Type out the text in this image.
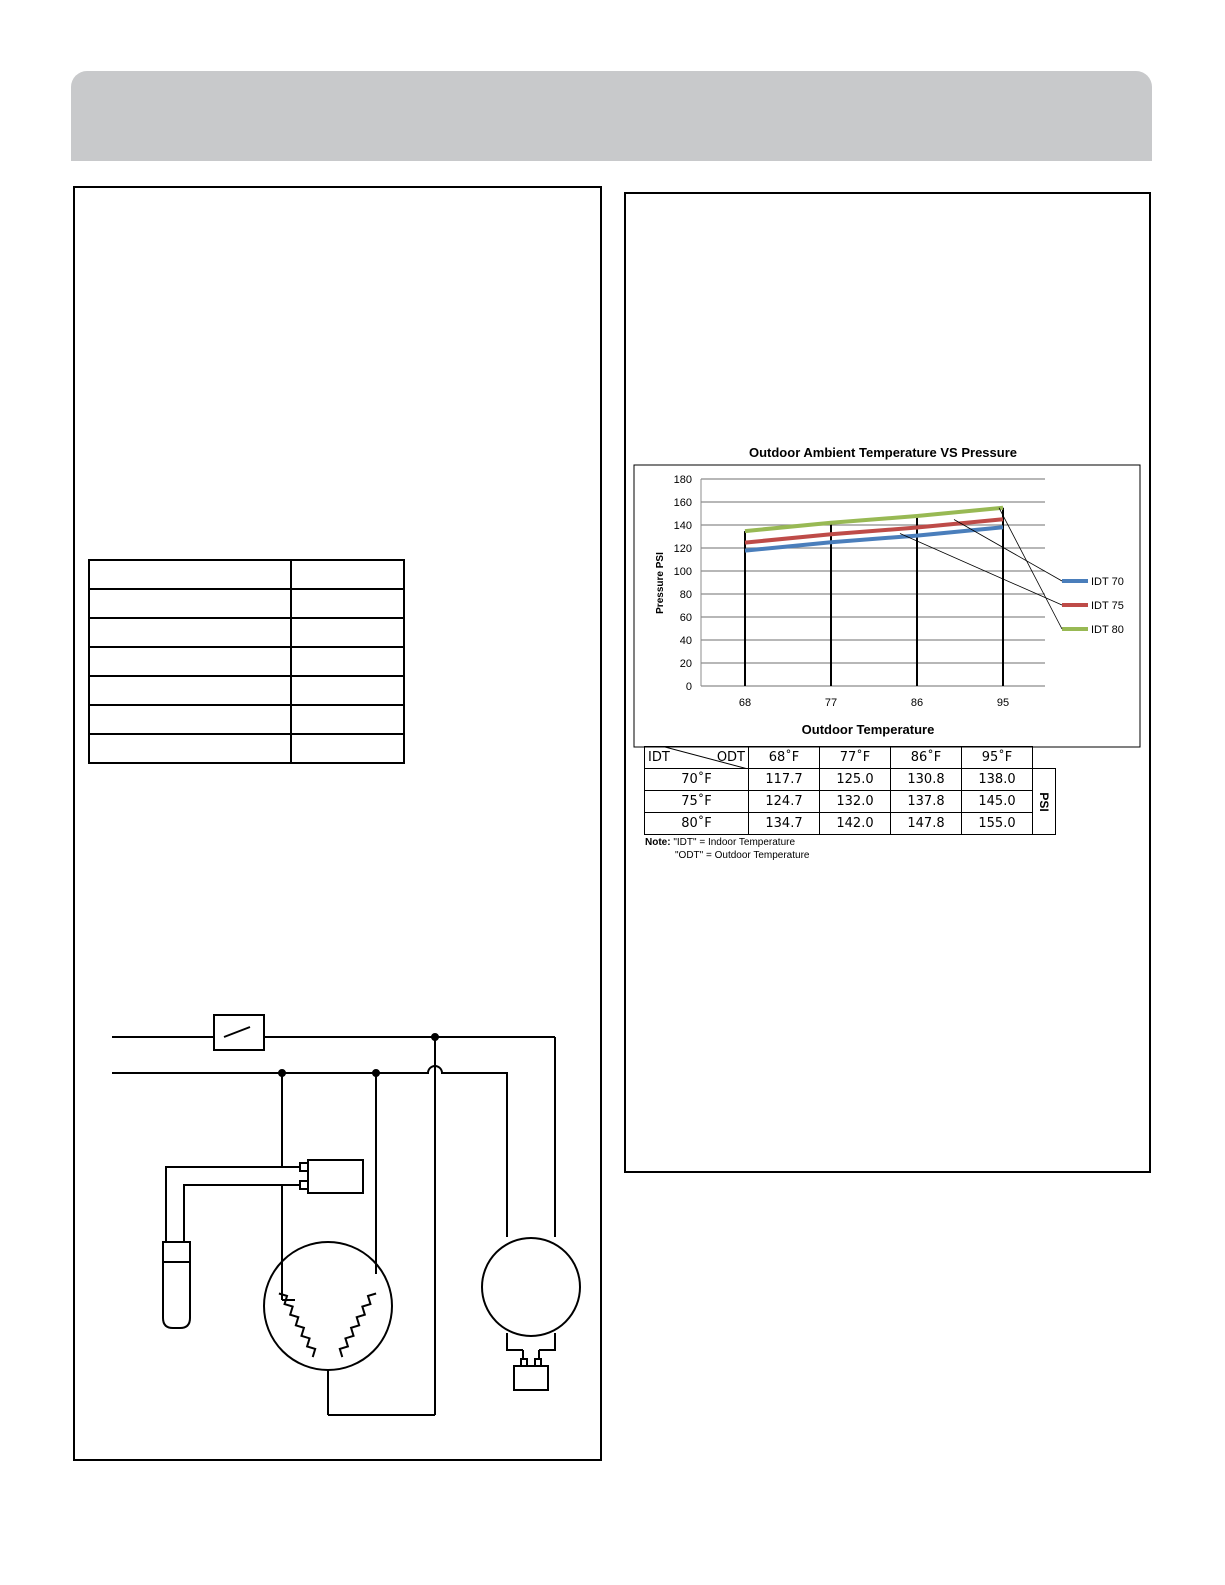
Outdoor Ambient Temperature VS Pressure
0
20
40
60
80
100
120
140
160
180
68	77	86	95
IDT 70
IDT 75
IDT 80
Pressure PSI
Outdoor Temperature
IDT ODT	68˚F	77˚F	86˚F	95˚F	
70˚F	117.7	125.0	130.8	138.0	PSI

75˚F	124.7	132.0	137.8	145.0	
80˚F	134.7	142.0	147.8	155.0	
Note: "IDT" = Indoor Temperature
"ODT" = Outdoor Temperature
